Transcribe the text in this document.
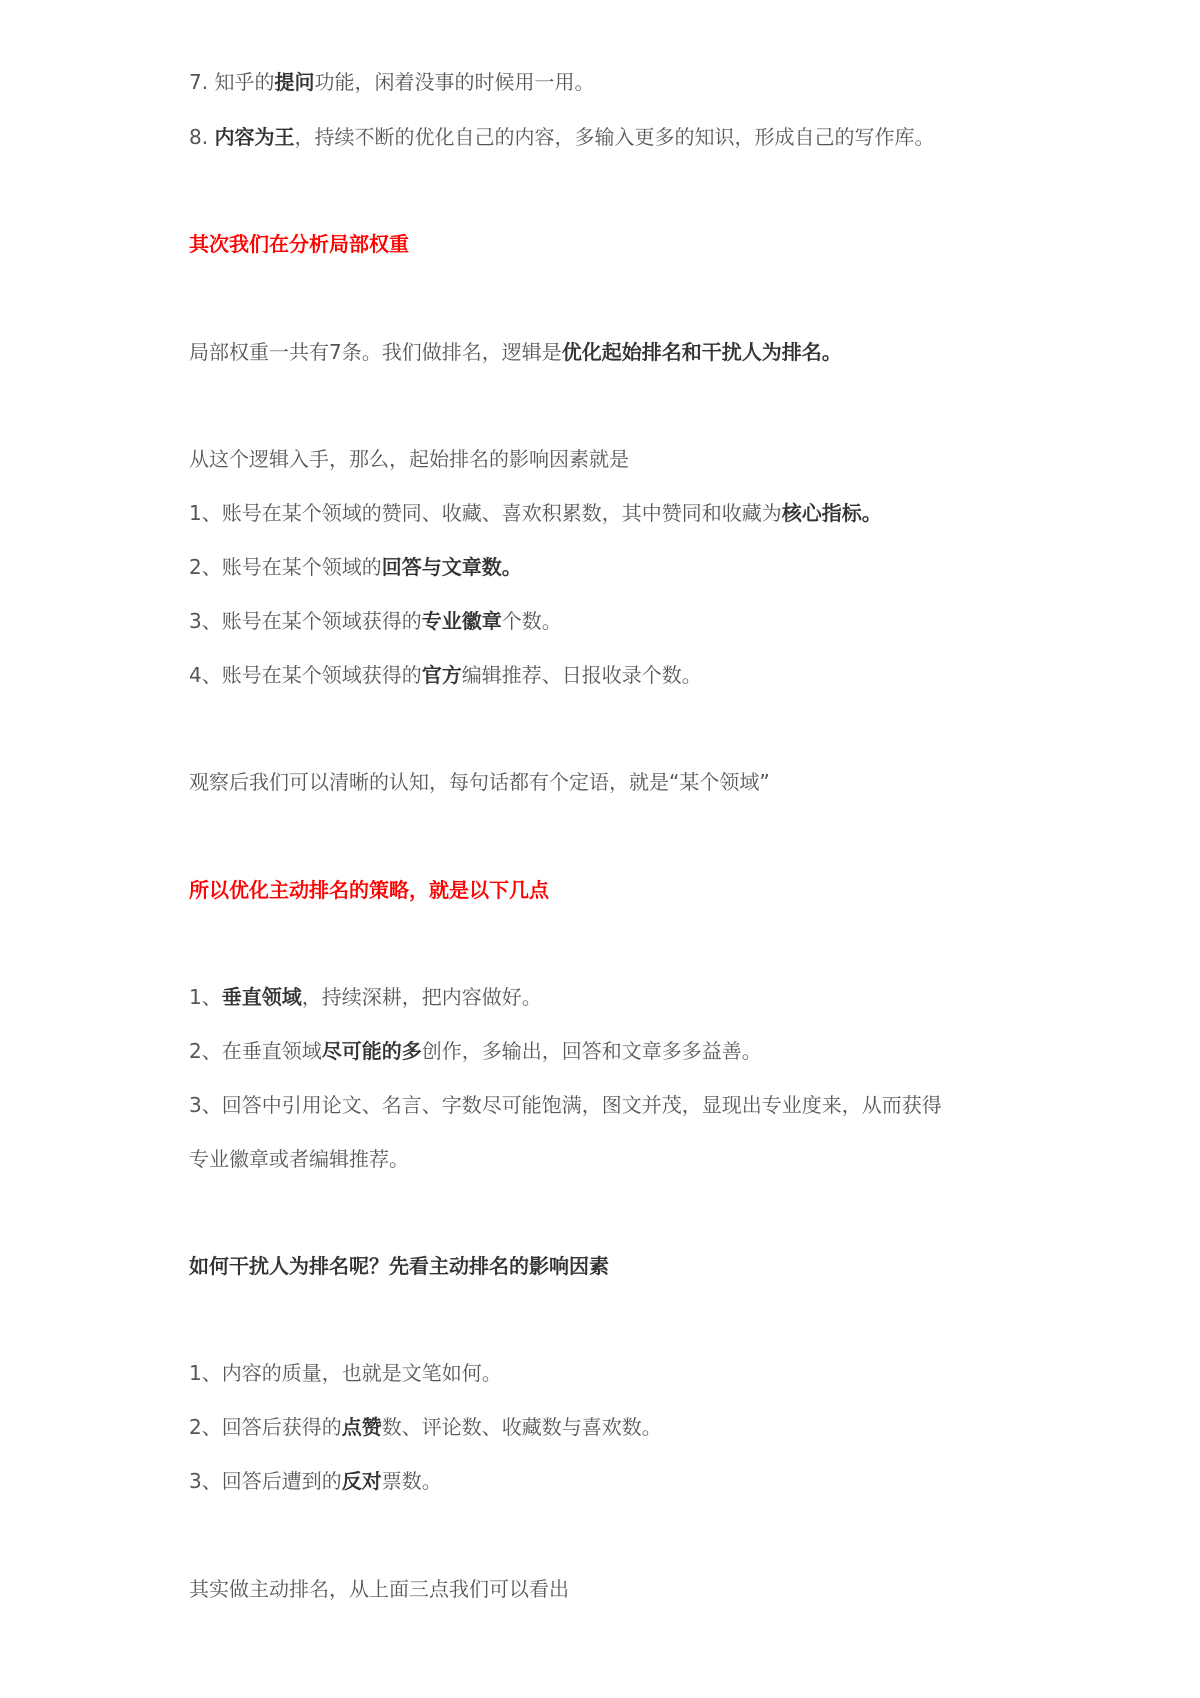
7. 知乎的提问功能，闲着没事的时候用一用。
8. 内容为王，持续不断的优化自己的内容，多输入更多的知识，形成自己的写作库。
其次我们在分析局部权重
局部权重一共有7条。我们做排名，逻辑是优化起始排名和干扰人为排名。
从这个逻辑入手，那么，起始排名的影响因素就是
1、账号在某个领域的赞同、收藏、喜欢积累数，其中赞同和收藏为核心指标。
2、账号在某个领域的回答与文章数。
3、账号在某个领域获得的专业徽章个数。
4、账号在某个领域获得的官方编辑推荐、日报收录个数。
观察后我们可以清晰的认知，每句话都有个定语，就是“某个领域”
所以优化主动排名的策略，就是以下几点
1、垂直领域，持续深耕，把内容做好。
2、在垂直领域尽可能的多创作，多输出，回答和文章多多益善。
3、回答中引用论文、名言、字数尽可能饱满，图文并茂，显现出专业度来，从而获得
专业徽章或者编辑推荐。
如何干扰人为排名呢？先看主动排名的影响因素
1、内容的质量，也就是文笔如何。
2、回答后获得的点赞数、评论数、收藏数与喜欢数。
3、回答后遭到的反对票数。
其实做主动排名，从上面三点我们可以看出
